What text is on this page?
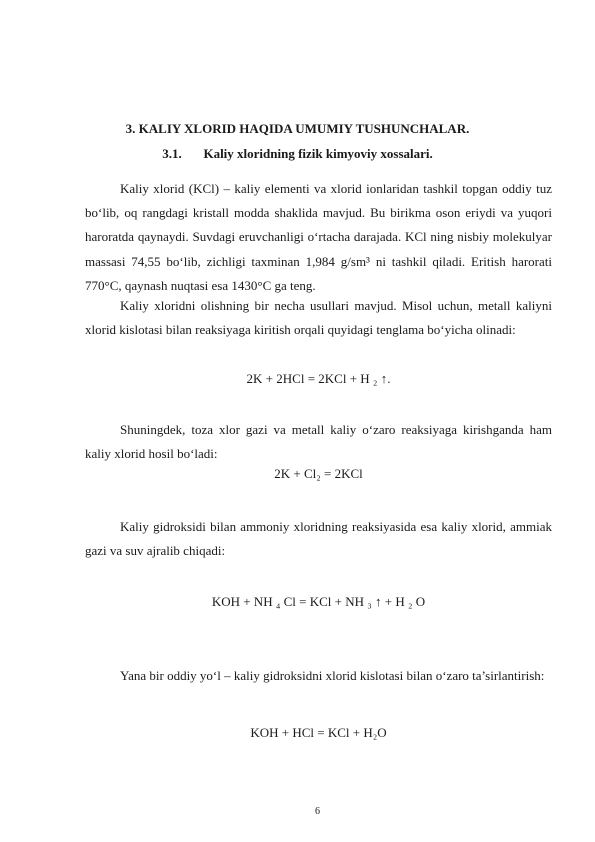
3. KALIY XLORID HAQIDA UMUMIY TUSHUNCHALAR.
3.1. Kaliy xloridning fizik kimyoviy xossalari.

Kaliy xlorid (KCl) – kaliy elementi va xlorid ionlaridan tashkil topgan oddiy tuz bo‘lib, oq rangdagi kristall modda shaklida mavjud. Bu birikma oson eriydi va yuqori haroratda qaynaydi. Suvdagi eruvchanligi o‘rtacha darajada. KCl ning nisbiy molekulyar massasi 74,55 bo‘lib, zichligi taxminan 1,984 g/sm³ ni tashkil qiladi. Eritish harorati 770°C, qaynash nuqtasi esa 1430°C ga teng.

Kaliy xloridni olishning bir necha usullari mavjud. Misol uchun, metall kaliyni xlorid kislotasi bilan reaksiyaga kiritish orqali quyidagi tenglama bo‘yicha olinadi:

2K + 2HCl = 2KCl + H ₂ ↑.

Shuningdek, toza xlor gazi va metall kaliy o‘zaro reaksiyaga kirishganda ham kaliy xlorid hosil bo‘ladi:

2K + Cl₂ = 2KCl

Kaliy gidroksidi bilan ammoniy xloridning reaksiyasida esa kaliy xlorid, ammiak gazi va suv ajralib chiqadi:

KOH + NH ₄ Cl = KCl + NH ₃ ↑ + H ₂ O

Yana bir oddiy yo‘l – kaliy gidroksidni xlorid kislotasi bilan o‘zaro ta’sirlantirish:

KOH + HCl = KCl + H₂O
6
